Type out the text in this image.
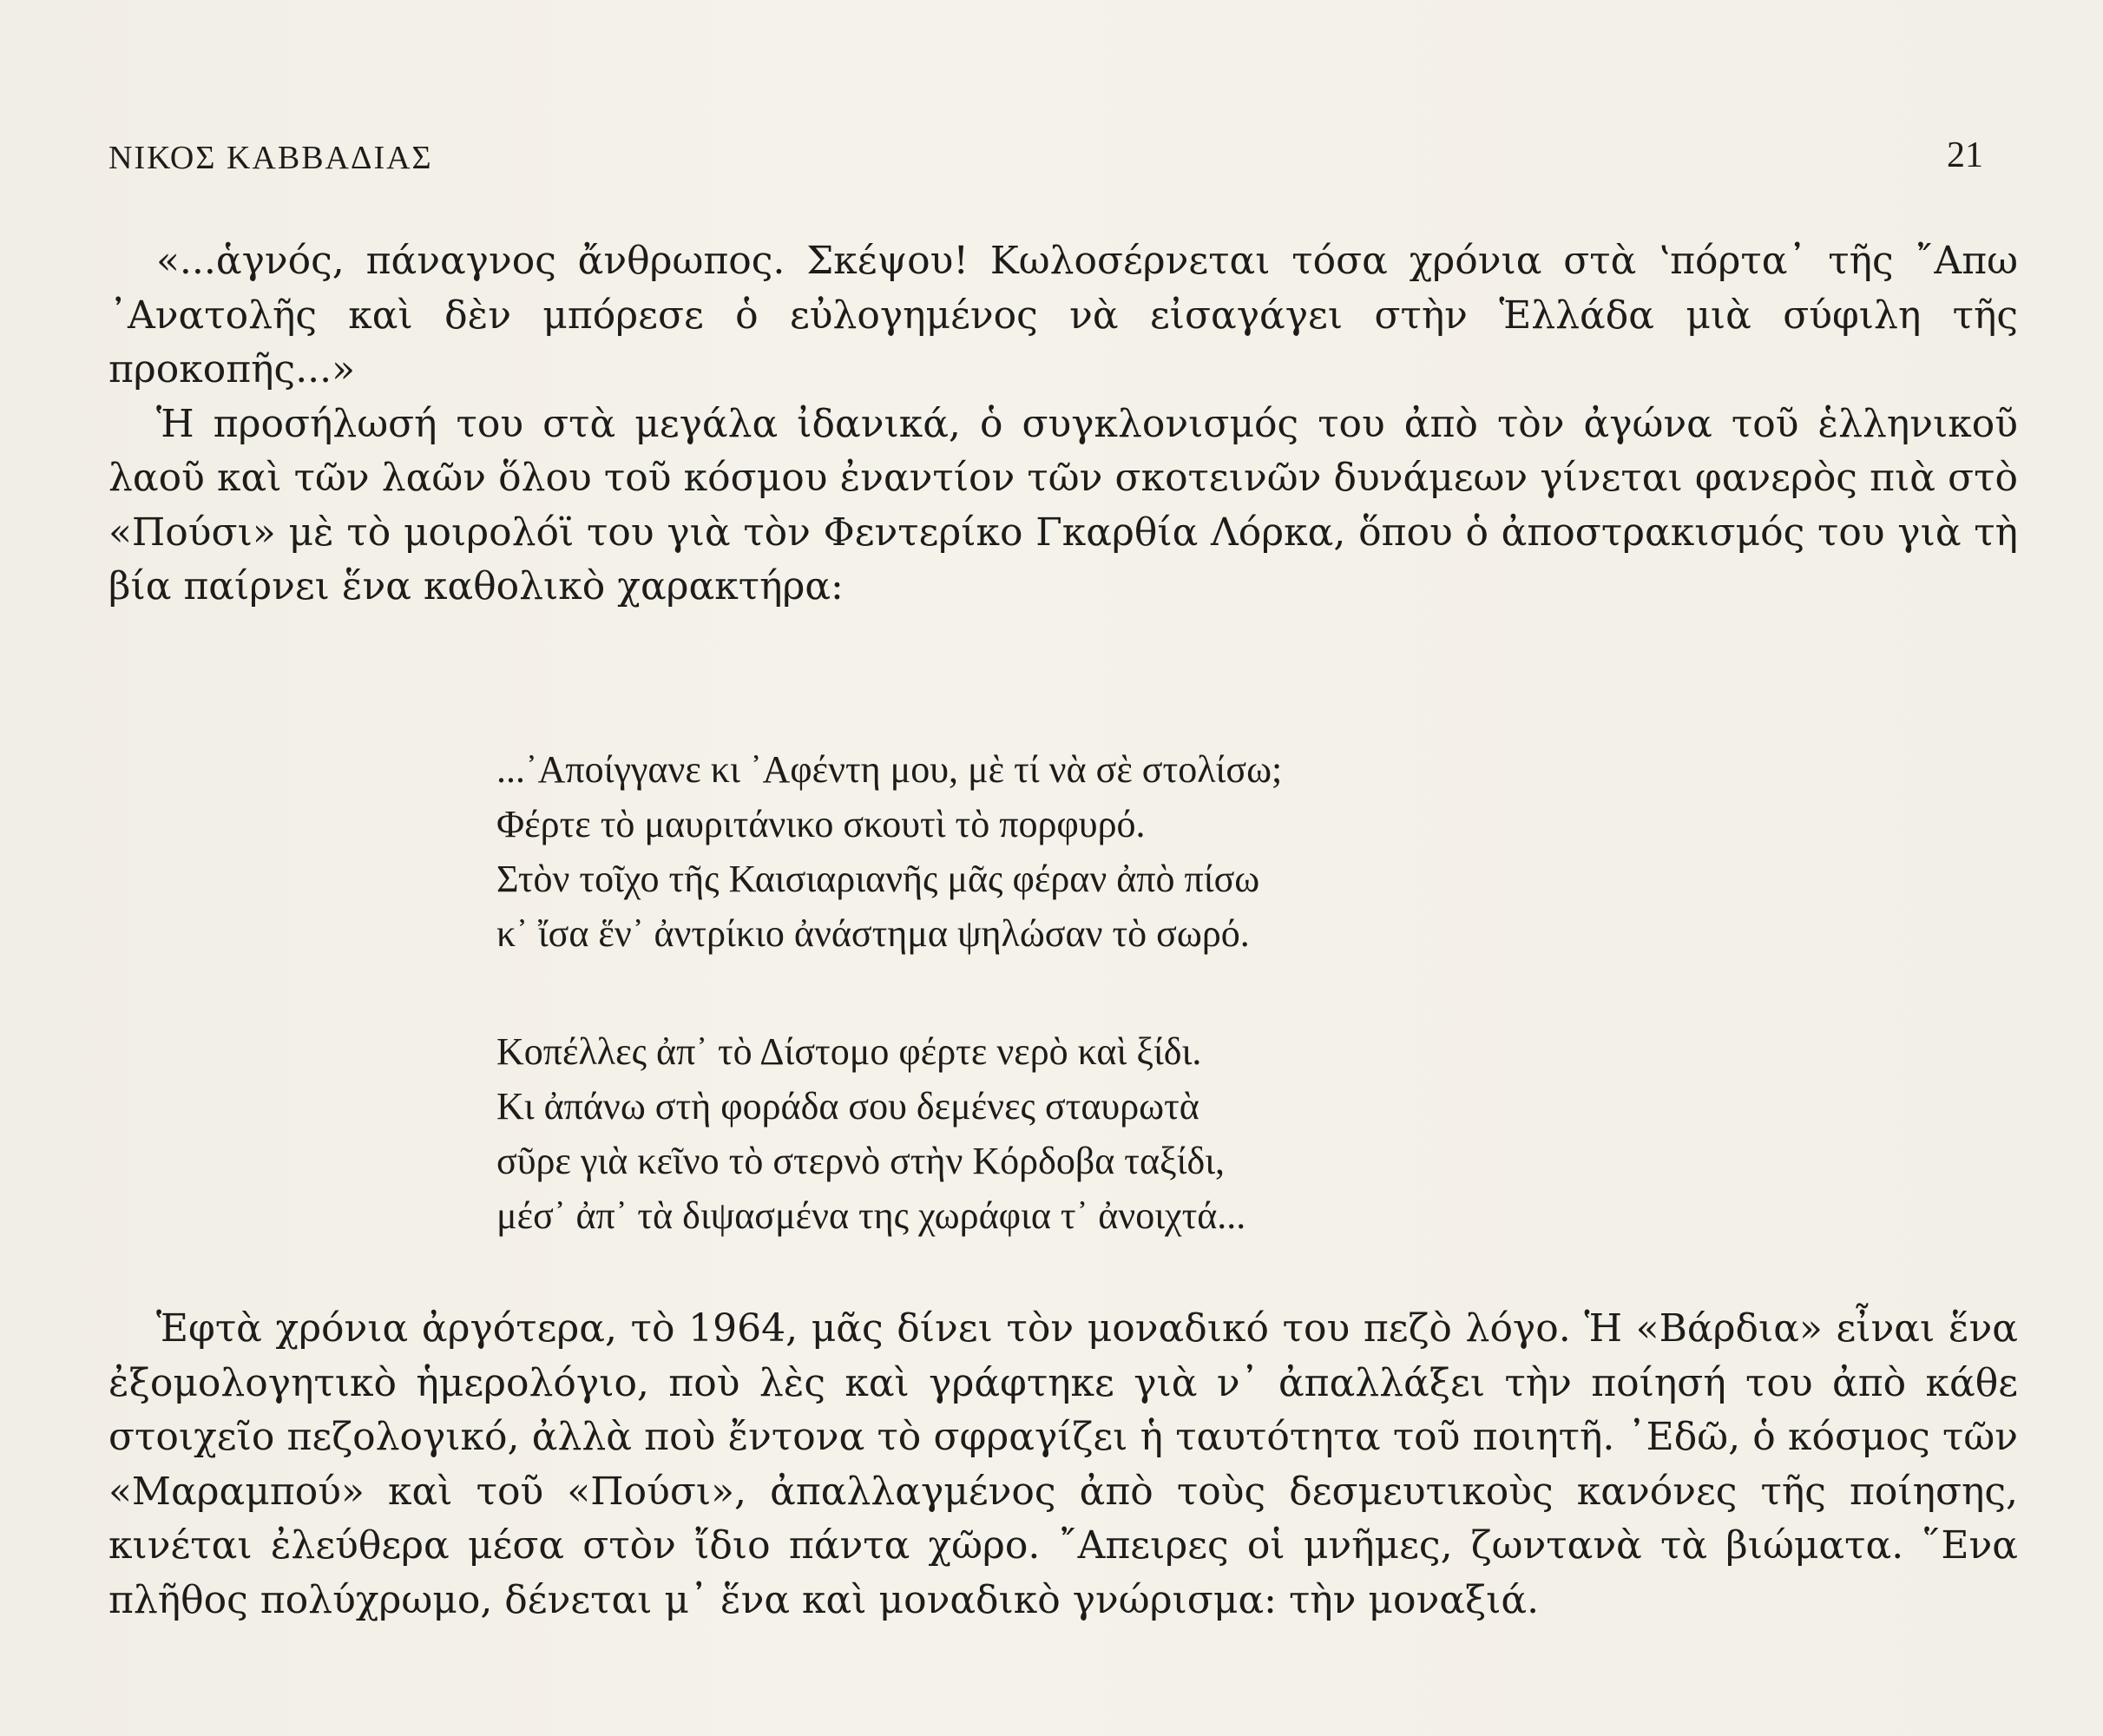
ΝΙΚΟΣ ΚΑΒΒΑΔΙΑΣ	21

«...ἁγνός, πάναγνος ἄνθρωπος. Σκέψου! Κωλοσέρνεται τόσα χρόνια στὰ ʽπόρτα᾽ τῆς ῎Απω ᾽Ανατολῆς καὶ δὲν μπόρεσε ὁ εὐλογημένος νὰ εἰσαγάγει στὴν Ἑλλάδα μιὰ σύφιλη τῆς προκοπῆς...»

Ἡ προσήλωσή του στὰ μεγάλα ἰδανικά, ὁ συγκλονισμός του ἀπὸ τὸν ἀγώνα τοῦ ἑλληνικοῦ λαοῦ καὶ τῶν λαῶν ὅλου τοῦ κόσμου ἐναντίον τῶν σκοτεινῶν δυνάμεων γίνεται φανερὸς πιὰ στὸ «Πούσι» μὲ τὸ μοιρολόϊ του γιὰ τὸν Φεντερίκο Γκαρθία Λόρκα, ὅπου ὁ ἀποστρακισμός του γιὰ τὴ βία παίρνει ἕνα καθολικὸ χαρακτήρα:

...᾽Αποίγγανε κι ᾽Αφέντη μου, μὲ τί νὰ σὲ στολίσω;
Φέρτε τὸ μαυριτάνικο σκουτὶ τὸ πορφυρό.
Στὸν τοῖχο τῆς Καισιαριανῆς μᾶς φέραν ἀπὸ πίσω
κ᾽ ἴσα ἕν᾽ ἀντρίκιο ἀνάστημα ψηλώσαν τὸ σωρό.
Κοπέλλες ἀπ᾽ τὸ Δίστομο φέρτε νερὸ καὶ ξίδι.
Κι ἀπάνω στὴ φοράδα σου δεμένες σταυρωτὰ
σῦρε γιὰ κεῖνο τὸ στερνὸ στὴν Κόρδοβα ταξίδι,
μέσ᾽ ἀπ᾽ τὰ διψασμένα της χωράφια τ᾽ ἀνοιχτά...

Ἑφτὰ χρόνια ἀργότερα, τὸ 1964, μᾶς δίνει τὸν μοναδικό του πεζὸ λόγο. Ἡ «Βάρδια» εἶναι ἕνα ἐξομολογητικὸ ἡμερολόγιο, ποὺ λὲς καὶ γράφτηκε γιὰ ν᾽ ἀπαλλάξει τὴν ποίησή του ἀπὸ κάθε στοιχεῖο πεζολογικό, ἀλλὰ ποὺ ἔντονα τὸ σφραγίζει ἡ ταυτότητα τοῦ ποιητῆ. ᾽Εδῶ, ὁ κόσμος τῶν «Μαραμπού» καὶ τοῦ «Πούσι», ἀπαλλαγμένος ἀπὸ τοὺς δεσμευτικοὺς κανόνες τῆς ποίησης, κινέται ἐλεύθερα μέσα στὸν ἴδιο πάντα χῶρο. ῎Απειρες οἱ μνῆμες, ζωντανὰ τὰ βιώματα. ῞Ενα πλῆθος πολύχρωμο, δένεται μ᾽ ἕνα καὶ μοναδικὸ γνώρισμα: τὴν μοναξιά.
